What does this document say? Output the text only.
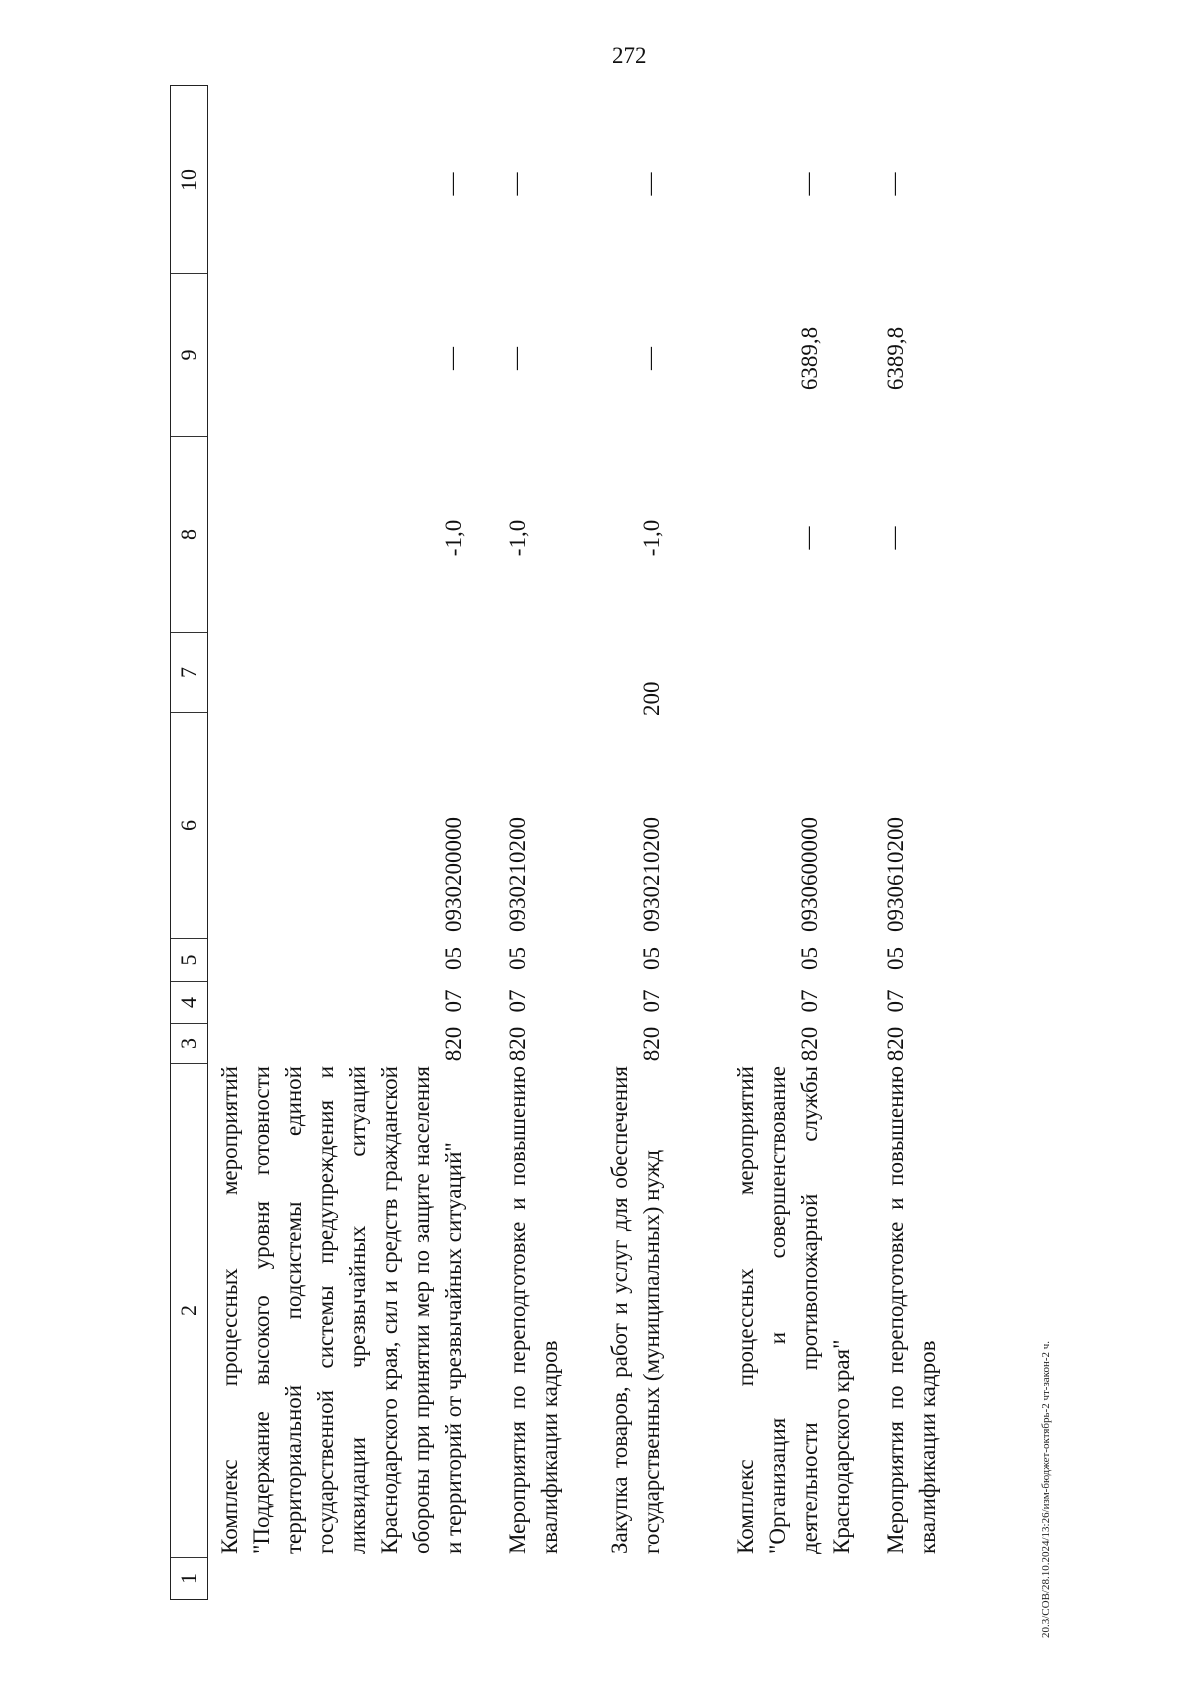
272
1
2
3
4
5
6
7
8
9
10
Комплекс процессных мероприятий "Поддержание высокого уровня готовности территориальной подсистемы единой государственной системы предупреждения и ликвидации чрезвычайных ситуаций Краснодарского края, сил и средств гражданской обороны при принятии мер по защите населения и территорий от чрезвычайных ситуаций"
820
07
05
0930200000
-1,0
—
—
Мероприятия по переподготовке и повышению квалификации кадров
820
07
05
0930210200
-1,0
—
—
Закупка товаров, работ и услуг для обеспечения государственных (муниципальных) нужд
820
07
05
0930210200
200
-1,0
—
—
Комплекс процессных мероприятий "Организация и совершенствование деятельности противопожарной службы Краснодарского края"
820
07
05
0930600000
—
6389,8
—
Мероприятия по переподготовке и повышению квалификации кадров
820
07
05
0930610200
—
6389,8
—
20.3/СОВ/28.10.2024/13:26/изм-бюджет-октябрь-2 чт-закон-2 ч.
